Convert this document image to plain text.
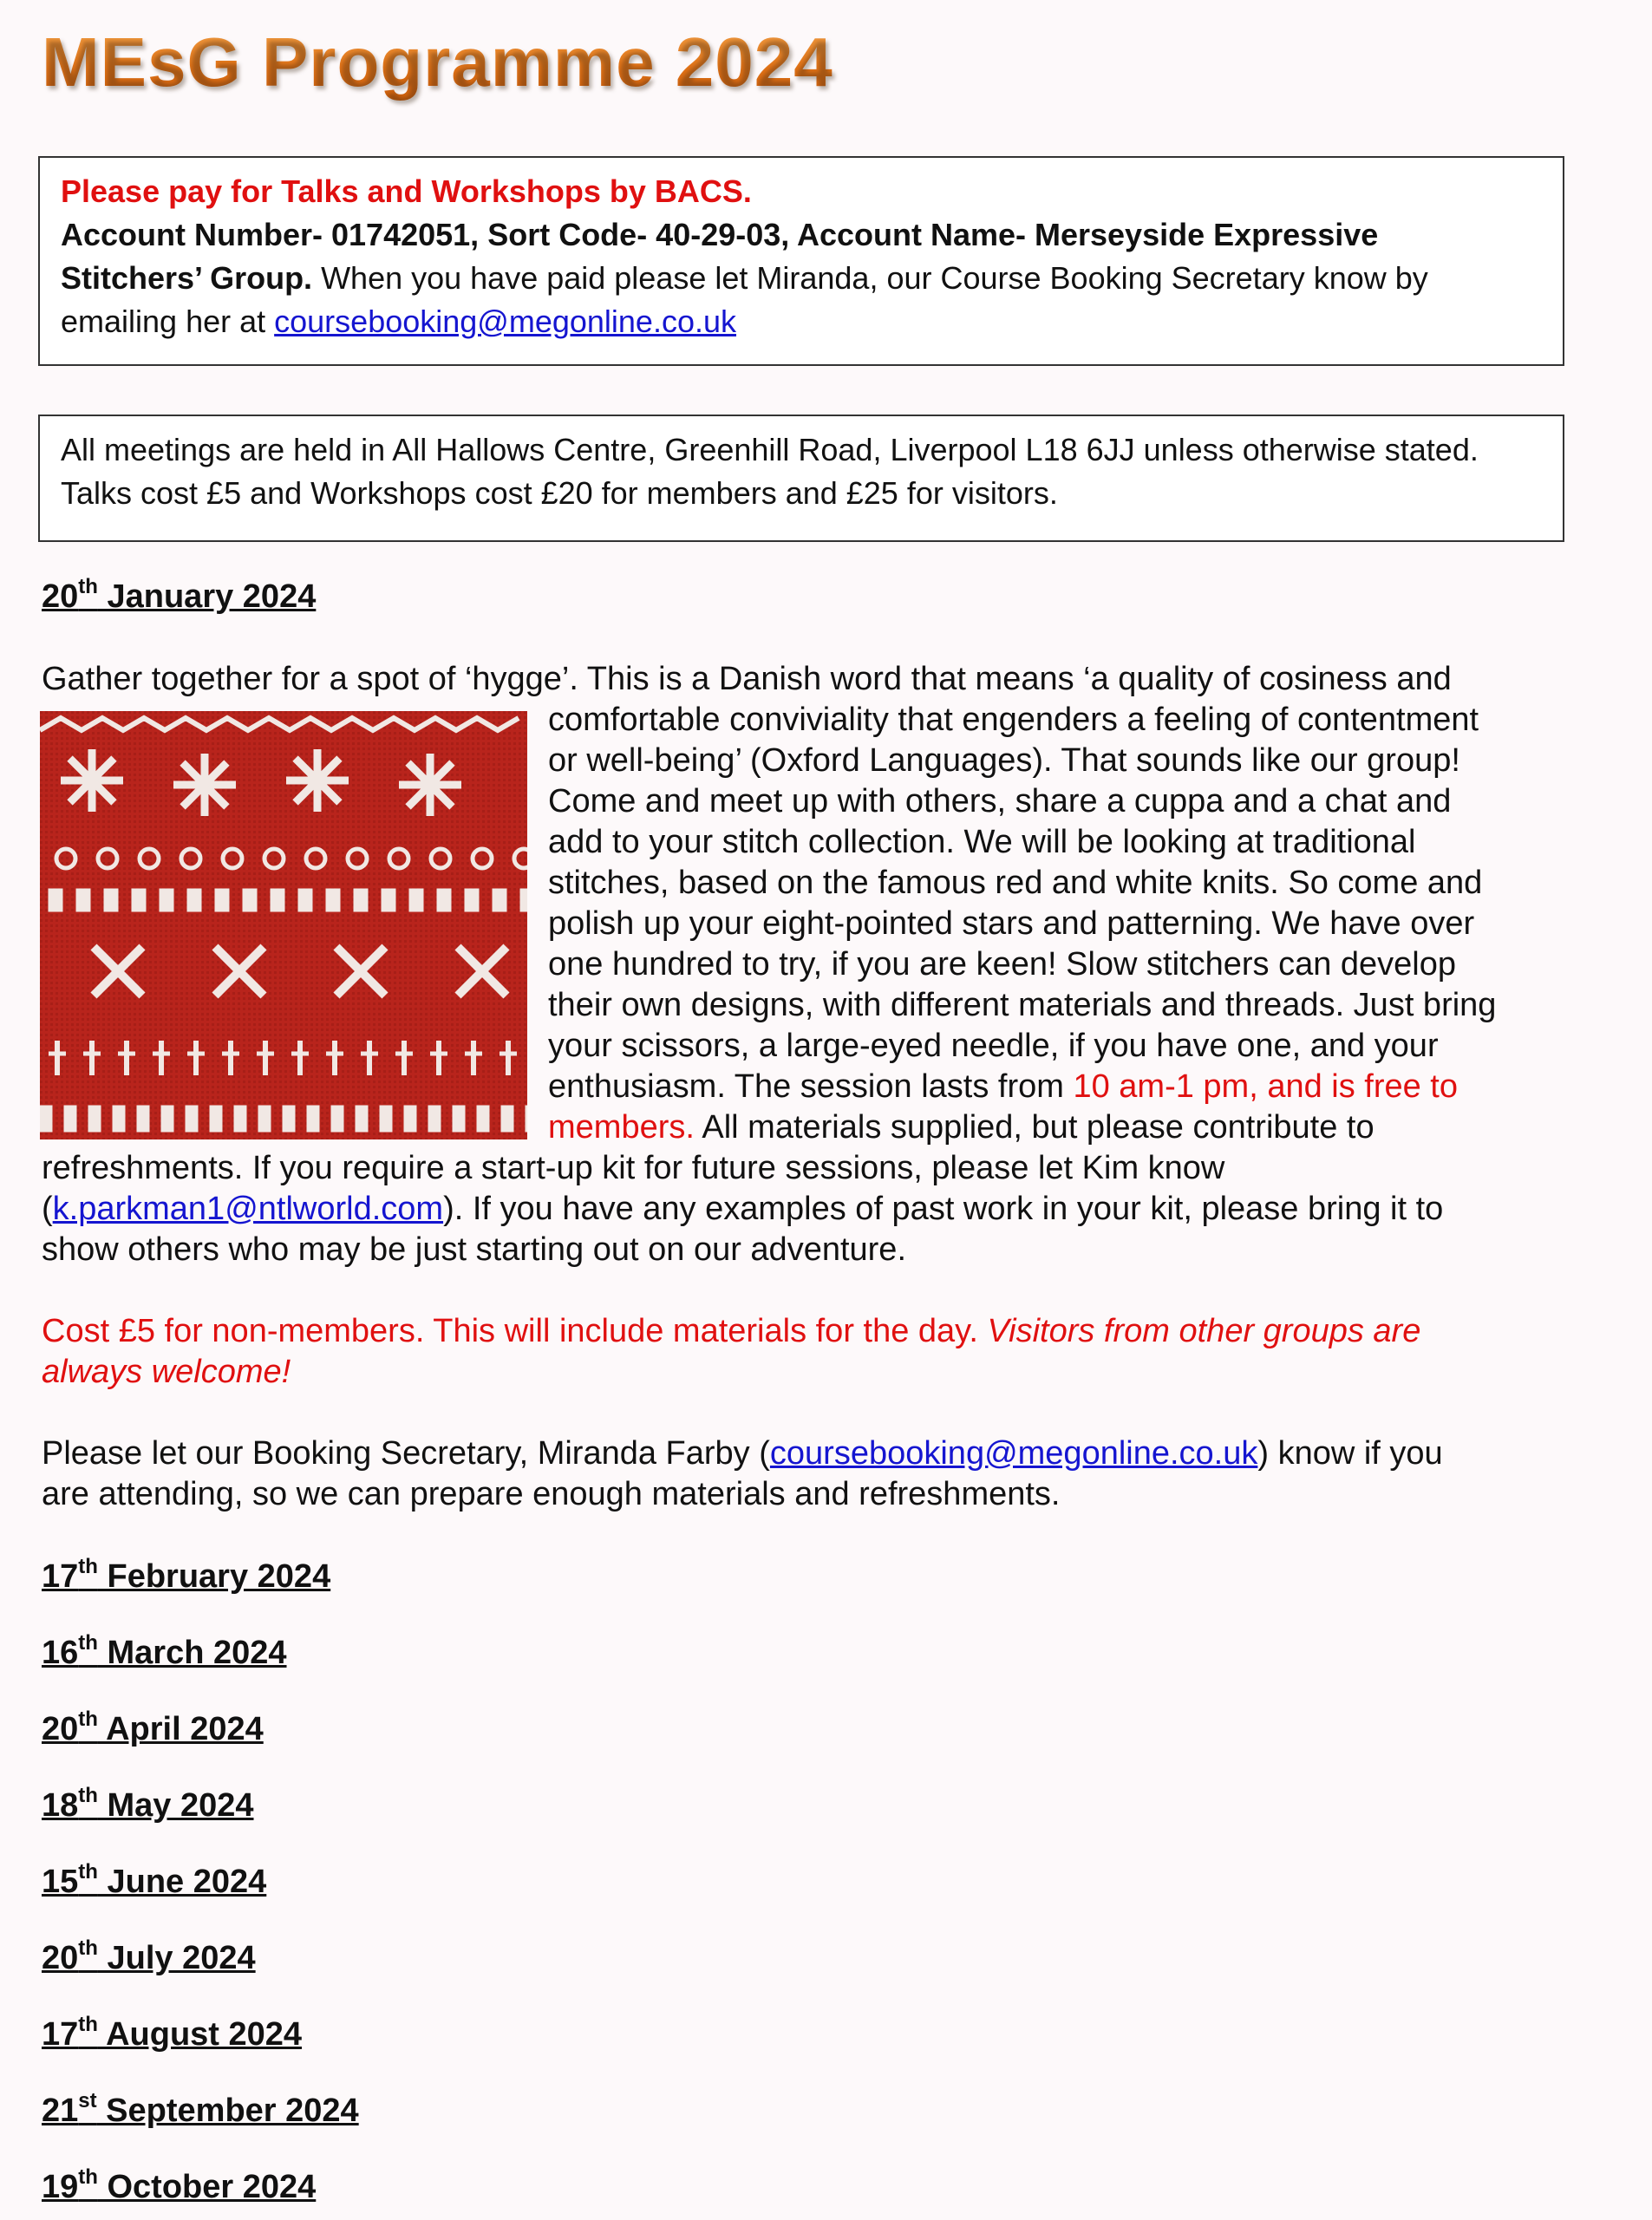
MEsG Programme 2024
Please pay for Talks and Workshops by BACS.
Account Number- 01742051, Sort Code- 40-29-03, Account Name- Merseyside Expressive
Stitchers’ Group. When you have paid please let Miranda, our Course Booking Secretary know by
emailing her at coursebooking@megonline.co.uk
All meetings are held in All Hallows Centre, Greenhill Road, Liverpool L18 6JJ unless otherwise stated.
Talks cost £5 and Workshops cost £20 for members and £25 for visitors.
20th January 2024
Gather together for a spot of ‘hygge’. This is a Danish word that means ‘a quality of cosiness and
comfortable conviviality that engenders a feeling of contentment
or well-being’ (Oxford Languages). That sounds like our group!
Come and meet up with others, share a cuppa and a chat and
add to your stitch collection. We will be looking at traditional
stitches, based on the famous red and white knits. So come and
polish up your eight-pointed stars and patterning. We have over
one hundred to try, if you are keen! Slow stitchers can develop
their own designs, with different materials and threads. Just bring
your scissors, a large-eyed needle, if you have one, and your
enthusiasm. The session lasts from 10 am-1 pm, and is free to
members. All materials supplied, but please contribute to
refreshments. If you require a start-up kit for future sessions, please let Kim know
(k.parkman1@ntlworld.com). If you have any examples of past work in your kit, please bring it to
show others who may be just starting out on our adventure.
Cost £5 for non-members. This will include materials for the day. Visitors from other groups are
always welcome!
Please let our Booking Secretary, Miranda Farby (coursebooking@megonline.co.uk) know if you
are attending, so we can prepare enough materials and refreshments.
17th February 2024
16th March 2024
20th April 2024
18th May 2024
15th June 2024
20th July 2024
17th August 2024
21st September 2024
19th October 2024
